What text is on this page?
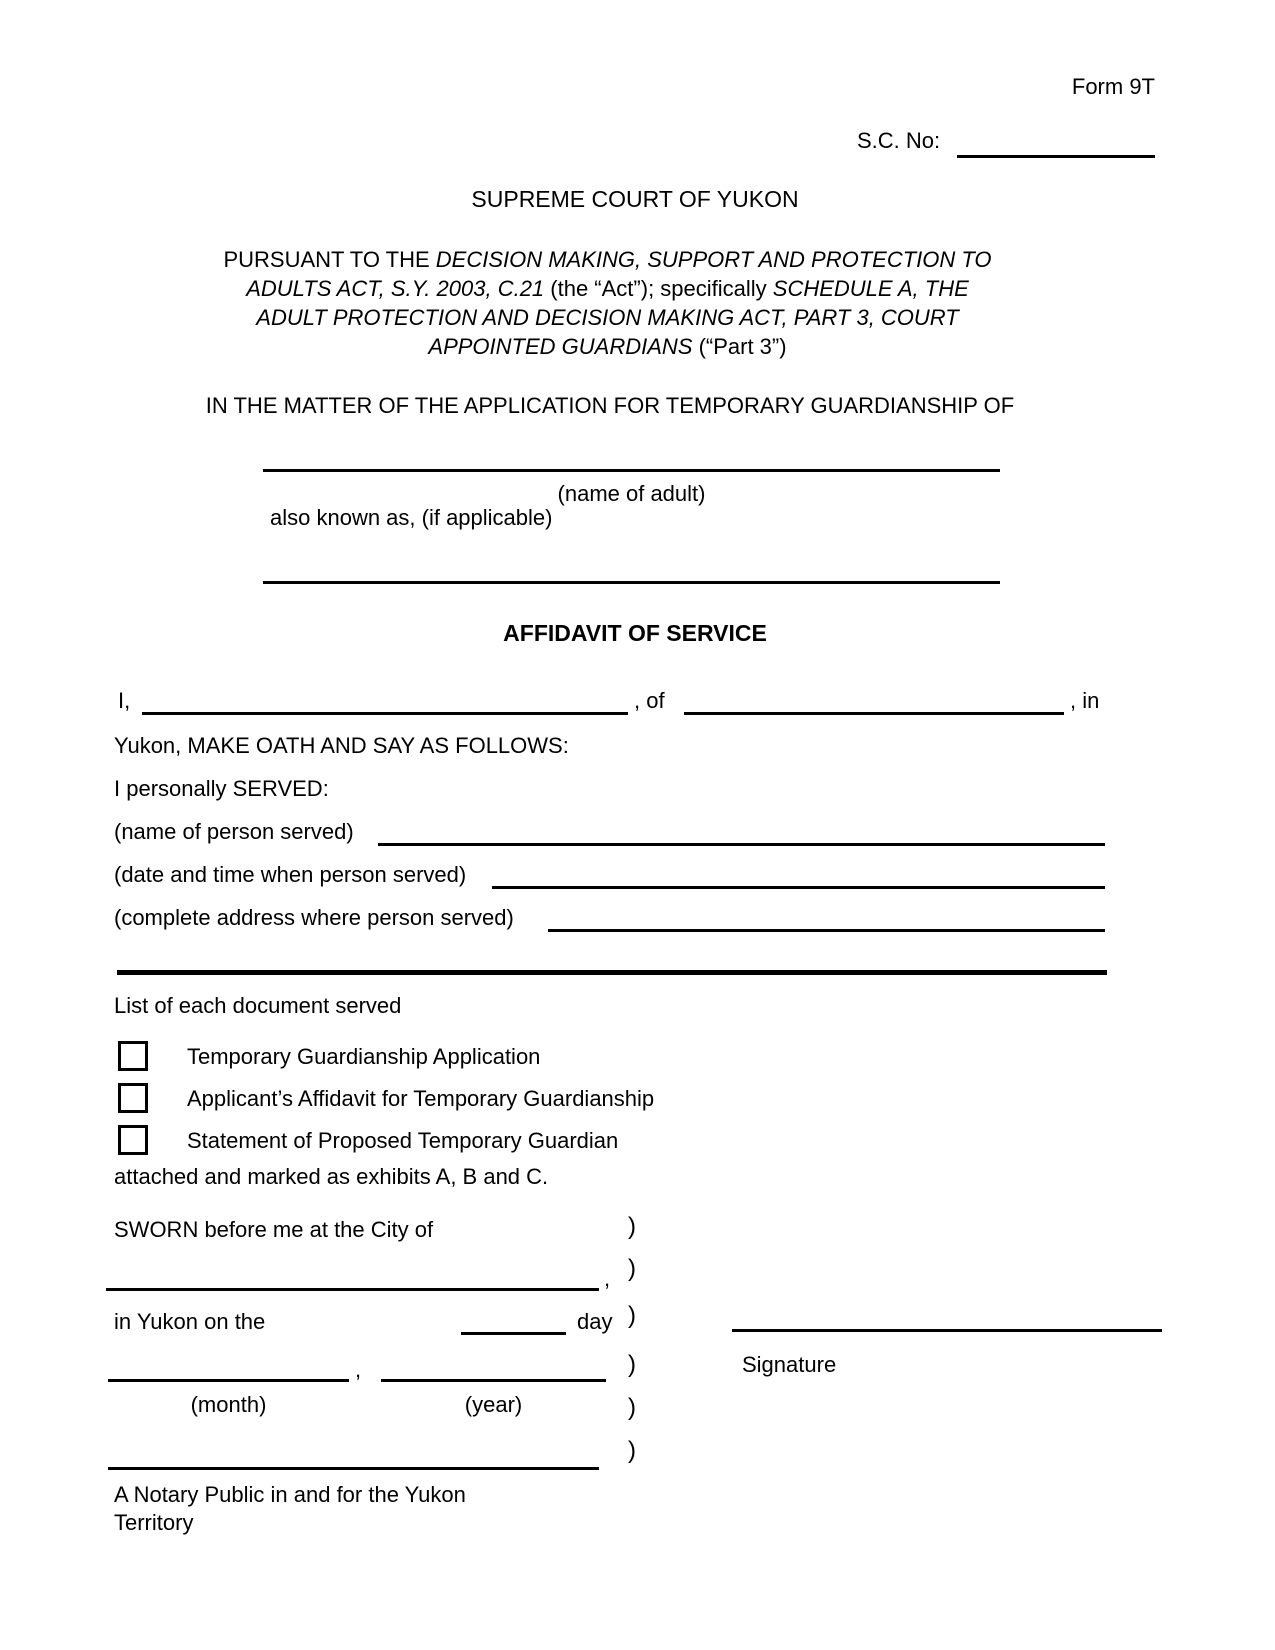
Form 9T
S.C. No:
SUPREME COURT OF YUKON
PURSUANT TO THE DECISION MAKING, SUPPORT AND PROTECTION TO
ADULTS ACT, S.Y. 2003, C.21 (the “Act”); specifically SCHEDULE A, THE
ADULT PROTECTION AND DECISION MAKING ACT, PART 3, COURT
APPOINTED GUARDIANS (“Part 3”)
IN THE MATTER OF THE APPLICATION FOR TEMPORARY GUARDIANSHIP OF
(name of adult)
also known as, (if applicable)
AFFIDAVIT OF SERVICE
I,	, of	, in
Yukon, MAKE OATH AND SAY AS FOLLOWS:
I personally SERVED:
(name of person served)
(date and time when person served)
(complete address where person served)
List of each document served
Temporary Guardianship Application
Applicant’s Affidavit for Temporary Guardianship
Statement of Proposed Temporary Guardian
attached and marked as exhibits A, B and C.
SWORN before me at the City of	)
)
)
)
)
)
,
in Yukon on the	day
Signature
,
(month)	(year)
A Notary Public in and for the Yukon Territory
